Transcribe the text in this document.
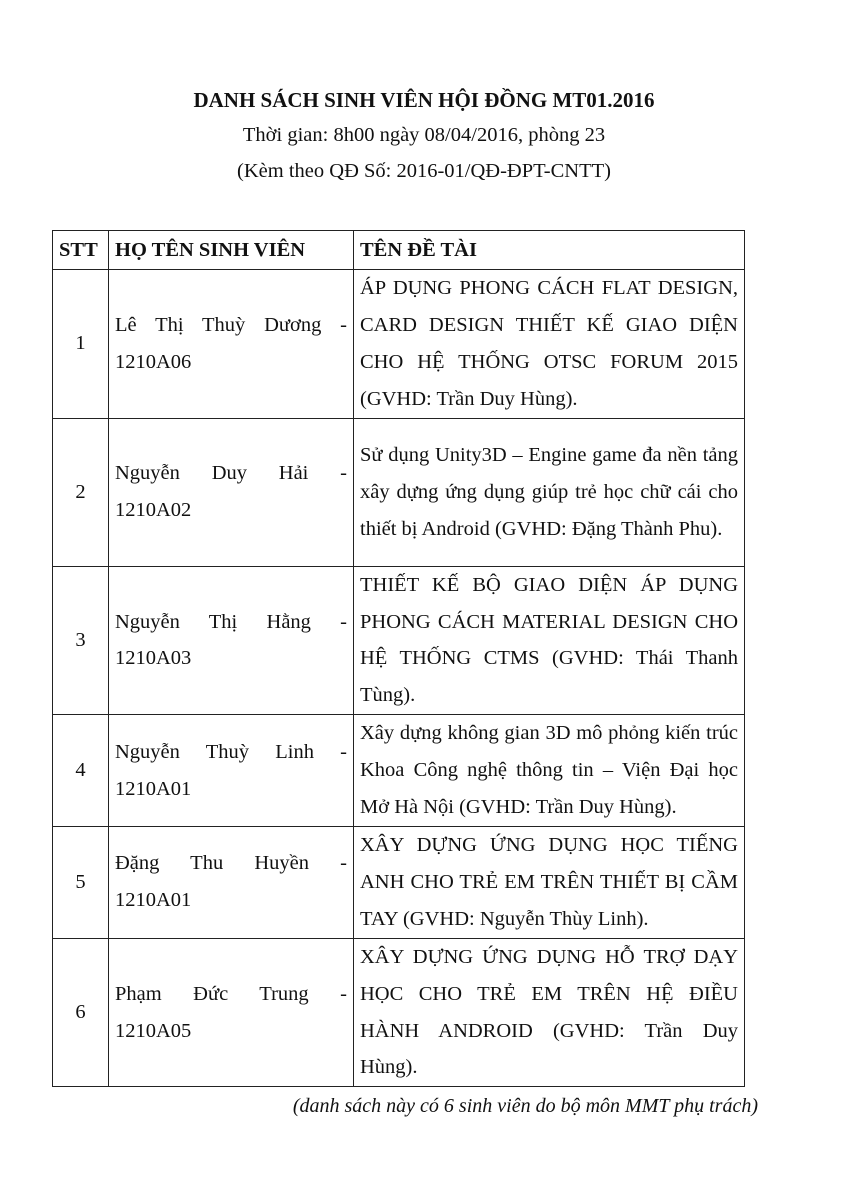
DANH SÁCH SINH VIÊN HỘI ĐỒNG MT01.2016

Thời gian: 8h00 ngày 08/04/2016, phòng 23

(Kèm theo QĐ Số: 2016-01/QĐ-ĐPT-CNTT)

STT	HỌ TÊN SINH VIÊN	TÊN ĐỀ TÀI
1	Lê Thị Thuỳ Dương - 1210A06	ÁP DỤNG PHONG CÁCH FLAT DESIGN, CARD DESIGN THIẾT KẾ GIAO DIỆN CHO HỆ THỐNG OTSC FORUM 2015 (GVHD: Trần Duy Hùng).

2	Nguyễn Duy Hải - 1210A02	Sử dụng Unity3D – Engine game đa nền tảng xây dựng ứng dụng giúp trẻ học chữ cái cho thiết bị Android (GVHD: Đặng Thành Phu).

3	Nguyễn Thị Hằng - 1210A03	THIẾT KẾ BỘ GIAO DIỆN ÁP DỤNG PHONG CÁCH MATERIAL DESIGN CHO HỆ THỐNG CTMS (GVHD: Thái Thanh Tùng).

4	Nguyễn Thuỳ Linh - 1210A01	Xây dựng không gian 3D mô phỏng kiến trúc Khoa Công nghệ thông tin – Viện Đại học Mở Hà Nội (GVHD: Trần Duy Hùng).

5	Đặng Thu Huyền - 1210A01	XÂY DỰNG ỨNG DỤNG HỌC TIẾNG ANH CHO TRẺ EM TRÊN THIẾT BỊ CẦM TAY (GVHD: Nguyễn Thùy Linh).

6	Phạm Đức Trung - 1210A05	XÂY DỰNG ỨNG DỤNG HỖ TRỢ DẠY HỌC CHO TRẺ EM TRÊN HỆ ĐIỀU HÀNH ANDROID (GVHD: Trần Duy Hùng).

(danh sách này có 6 sinh viên do bộ môn MMT phụ trách)
